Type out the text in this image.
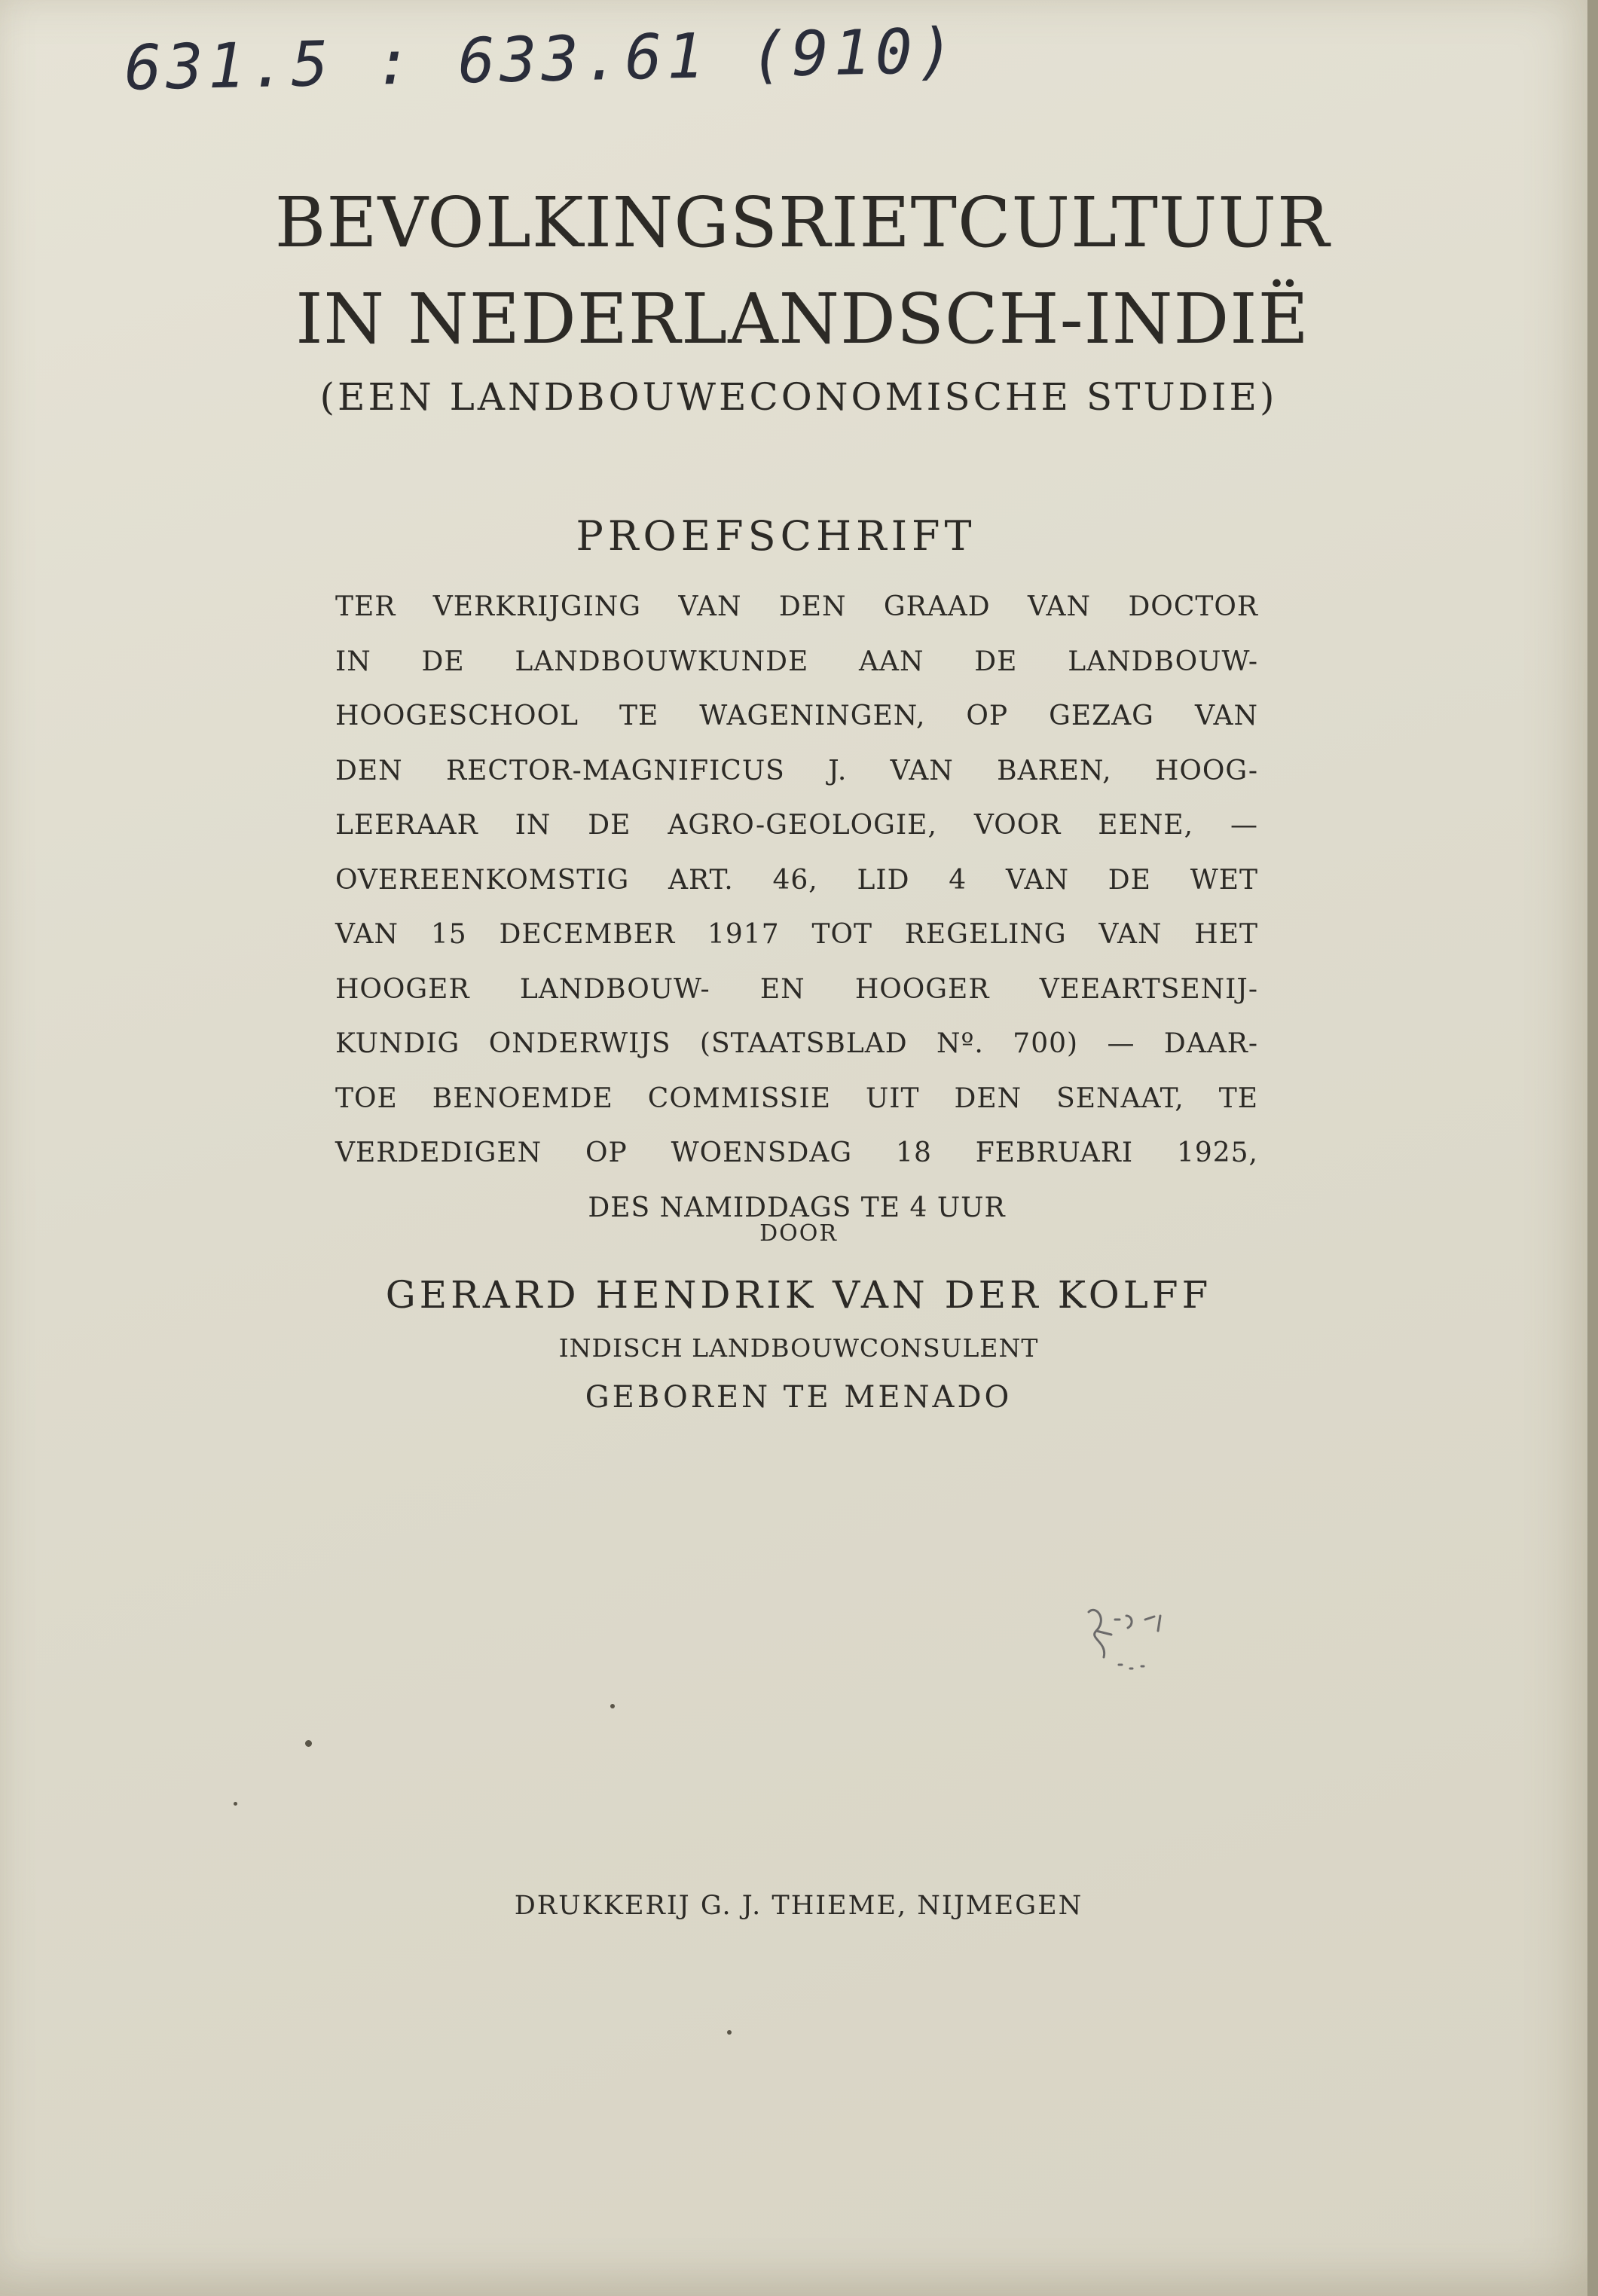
631.5 : 633.61 (910)
BEVOLKINGSRIETCULTUUR
IN NEDERLANDSCH-INDIË
(EEN LANDBOUWECONOMISCHE STUDIE)
PROEFSCHRIFT
TER VERKRIJGING VAN DEN GRAAD VAN DOCTOR
IN DE LANDBOUWKUNDE AAN DE LANDBOUW-
HOOGESCHOOL TE WAGENINGEN, OP GEZAG VAN
DEN RECTOR-MAGNIFICUS J. VAN BAREN, HOOG-
LEERAAR IN DE AGRO-GEOLOGIE, VOOR EENE, —
OVEREENKOMSTIG ART. 46, LID 4 VAN DE WET
VAN 15 DECEMBER 1917 TOT REGELING VAN HET
HOOGER LANDBOUW- EN HOOGER VEEARTSENIJ-
KUNDIG ONDERWIJS (STAATSBLAD Nº. 700) — DAAR-
TOE BENOEMDE COMMISSIE UIT DEN SENAAT, TE
VERDEDIGEN OP WOENSDAG 18 FEBRUARI 1925,
DES NAMIDDAGS TE 4 UUR
DOOR
GERARD HENDRIK VAN DER KOLFF
INDISCH LANDBOUWCONSULENT
GEBOREN TE MENADO
DRUKKERIJ G. J. THIEME, NIJMEGEN
